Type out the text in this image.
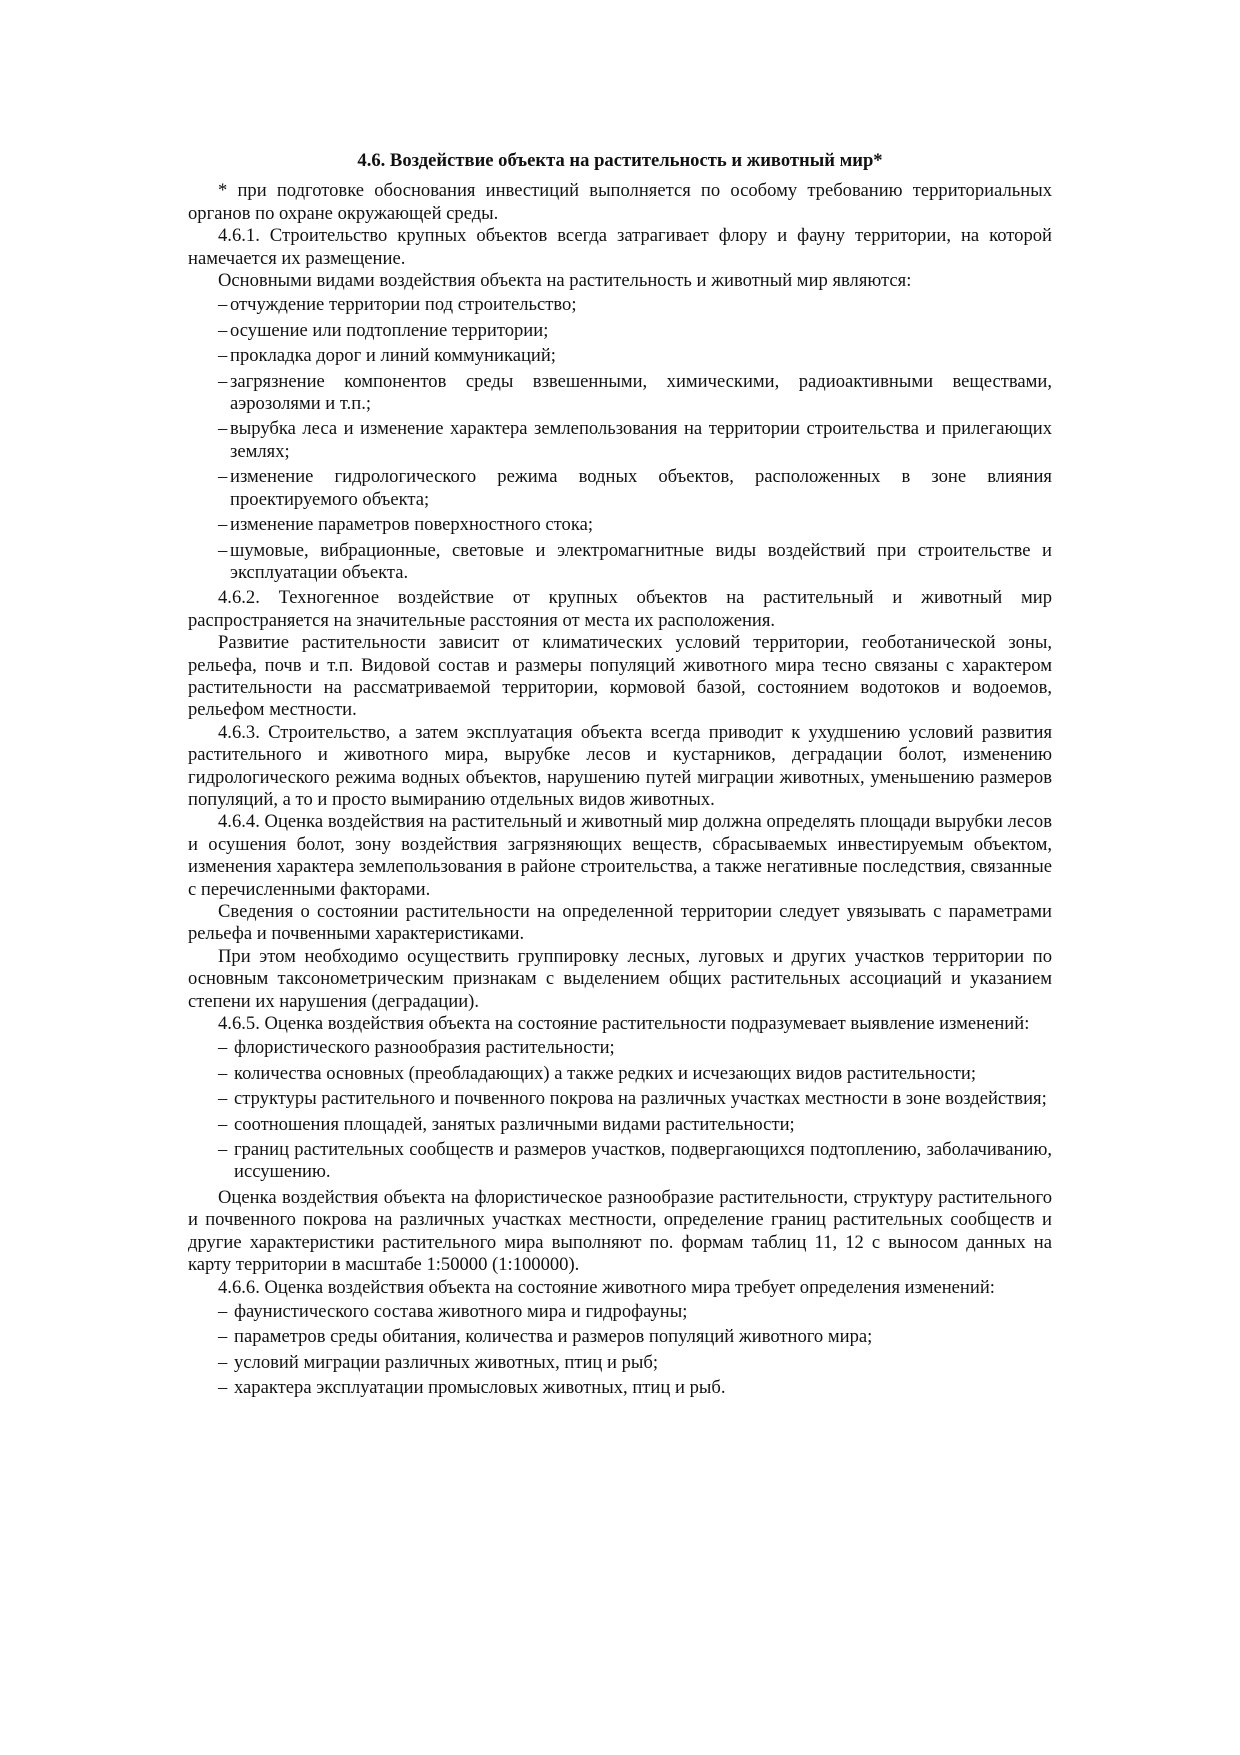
4.6. Воздействие объекта на растительность и животный мир*

* при подготовке обоснования инвестиций выполняется по особому требованию территориальных органов по охране окружающей среды.

4.6.1. Строительство крупных объектов всегда затрагивает флору и фауну территории, на которой намечается их размещение.

Основными видами воздействия объекта на растительность и животный мир являются:

– отчуждение территории под строительство;
– осушение или подтопление территории;
– прокладка дорог и линий коммуникаций;
– загрязнение компонентов среды взвешенными, химическими, радиоактивными веществами, аэрозолями и т.п.;
– вырубка леса и изменение характера землепользования на территории строительства и прилегающих землях;
– изменение гидрологического режима водных объектов, расположенных в зоне влияния проектируемого объекта;
– изменение параметров поверхностного стока;
– шумовые, вибрационные, световые и электромагнитные виды воздействий при строительстве и эксплуатации объекта.

4.6.2. Техногенное воздействие от крупных объектов на растительный и животный мир распространяется на значительные расстояния от места их расположения.

Развитие растительности зависит от климатических условий территории, геоботанической зоны, рельефа, почв и т.п. Видовой состав и размеры популяций животного мира тесно связаны с характером растительности на рассматриваемой территории, кормовой базой, состоянием водотоков и водоемов, рельефом местности.

4.6.3. Строительство, а затем эксплуатация объекта всегда приводит к ухудшению условий развития растительного и животного мира, вырубке лесов и кустарников, деградации болот, изменению гидрологического режима водных объектов, нарушению путей миграции животных, уменьшению размеров популяций, а то и просто вымиранию отдельных видов животных.

4.6.4. Оценка воздействия на растительный и животный мир должна определять площади вырубки лесов и осушения болот, зону воздействия загрязняющих веществ, сбрасываемых инвестируемым объектом, изменения характера землепользования в районе строительства, а также негативные последствия, связанные с перечисленными факторами.

Сведения о состоянии растительности на определенной территории следует увязывать с параметрами рельефа и почвенными характеристиками.

При этом необходимо осуществить группировку лесных, луговых и других участков территории по основным таксонометрическим признакам с выделением общих растительных ассоциаций и указанием степени их нарушения (деградации).

4.6.5. Оценка воздействия объекта на состояние растительности подразумевает выявление изменений:

– флористического разнообразия растительности;
– количества основных (преобладающих) а также редких и исчезающих видов растительности;
– структуры растительного и почвенного покрова на различных участках местности в зоне воздействия;
– соотношения площадей, занятых различными видами растительности;
– границ растительных сообществ и размеров участков, подвергающихся подтоплению, заболачиванию, иссушению.

Оценка воздействия объекта на флористическое разнообразие растительности, структуру растительного и почвенного покрова на различных участках местности, определение границ растительных сообществ и другие характеристики растительного мира выполняют по. формам таблиц 11, 12 с выносом данных на карту территории в масштабе 1:50000 (1:100000).

4.6.6. Оценка воздействия объекта на состояние животного мира требует определения изменений:

– фаунистического состава животного мира и гидрофауны;
– параметров среды обитания, количества и размеров популяций животного мира;
– условий миграции различных животных, птиц и рыб;
– характера эксплуатации промысловых животных, птиц и рыб.
